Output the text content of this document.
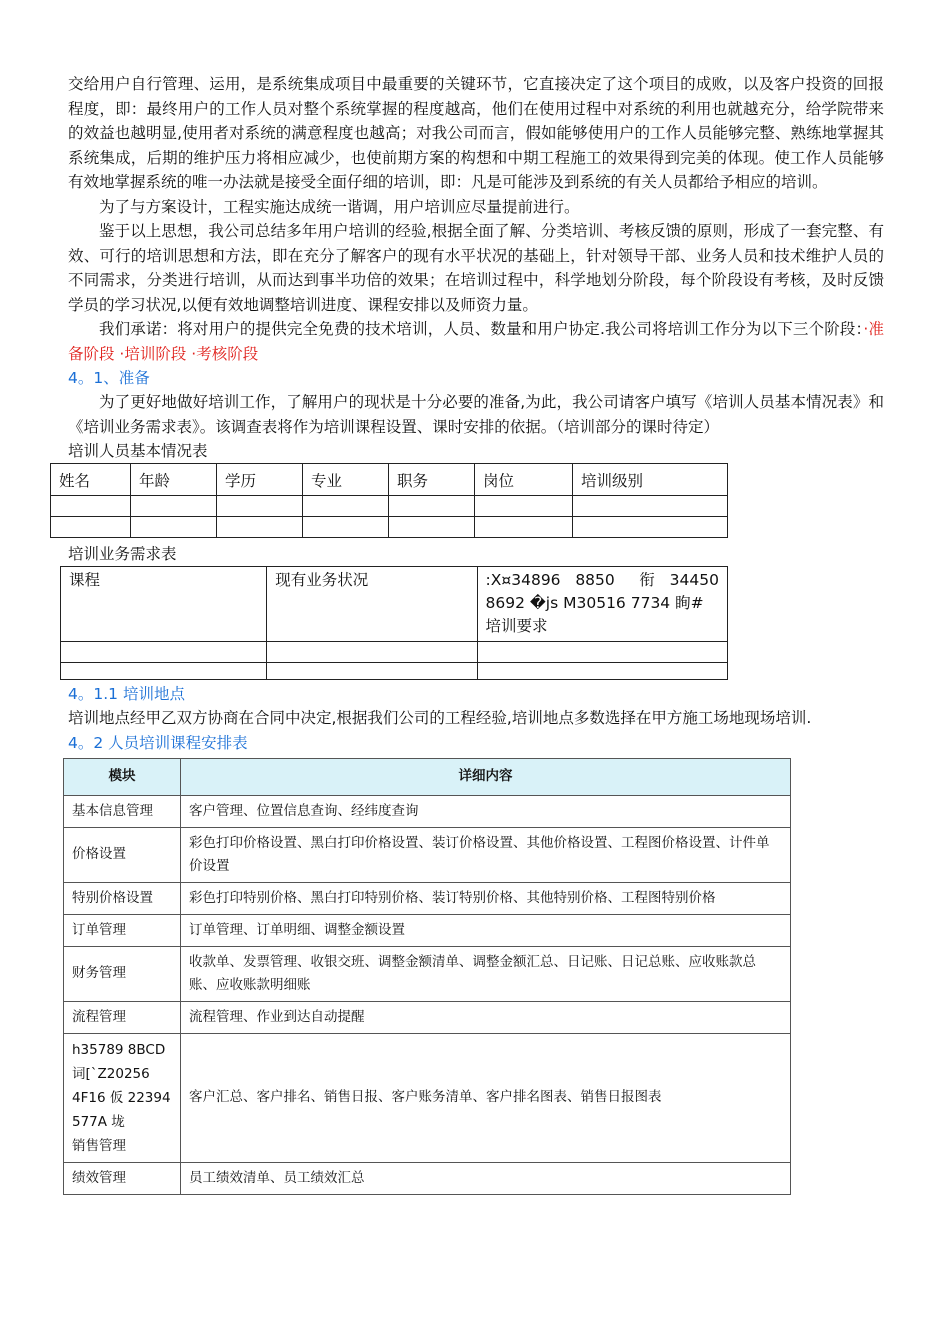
交给用户自行管理、运用，是系统集成项目中最重要的关键环节，它直接决定了这个项目的成败，以及客户投资的回报程度，即：最终用户的工作人员对整个系统掌握的程度越高，他们在使用过程中对系统的利用也就越充分，给学院带来的效益也越明显,使用者对系统的满意程度也越高；对我公司而言，假如能够使用户的工作人员能够完整、熟练地掌握其系统集成，后期的维护压力将相应减少，也使前期方案的构想和中期工程施工的效果得到完美的体现。使工作人员能够有效地掌握系统的唯一办法就是接受全面仔细的培训，即：凡是可能涉及到系统的有关人员都给予相应的培训。

为了与方案设计，工程实施达成统一谐调，用户培训应尽量提前进行。

鉴于以上思想，我公司总结多年用户培训的经验,根据全面了解、分类培训、考核反馈的原则，形成了一套完整、有效、可行的培训思想和方法，即在充分了解客户的现有水平状况的基础上，针对领导干部、业务人员和技术维护人员的不同需求，分类进行培训，从而达到事半功倍的效果；在培训过程中，科学地划分阶段，每个阶段设有考核，及时反馈学员的学习状况,以便有效地调整培训进度、课程安排以及师资力量。

我们承诺：将对用户的提供完全免费的技术培训，人员、数量和用户协定.我公司将培训工作分为以下三个阶段：·准备阶段 ·培训阶段 ·考核阶段

4。1、准备

为了更好地做好培训工作，了解用户的现状是十分必要的准备,为此，我公司请客户填写《培训人员基本情况表》和《培训业务需求表》。该调查表将作为培训课程设置、课时安排的依据。（培训部分的课时待定）

培训人员基本情况表
姓名	年龄	学历	专业	职务	岗位	培训级别

培训业务需求表
课程	现有业务状况	:X¤34896   8850     衔   34450
8692 �js M30516 7734 眴#
培训要求

4。1.1 培训地点

培训地点经甲乙双方协商在合同中决定,根据我们公司的工程经验,培训地点多数选择在甲方施工场地现场培训.

4。2 人员培训课程安排表
模块	详细内容
基本信息管理	客户管理、位置信息查询、经纬度查询
价格设置	彩色打印价格设置、黑白打印价格设置、装订价格设置、其他价格设置、工程图价格设置、计件单价设置
特别价格设置	彩色打印特别价格、黑白打印特别价格、装订特别价格、其他特别价格、工程图特别价格
订单管理	订单管理、订单明细、调整金额设置
财务管理	收款单、发票管理、收银交班、调整金额清单、调整金额汇总、日记账、日记总账、应收账款总账、应收账款明细账
流程管理	流程管理、作业到达自动提醒
h35789 8BCD
词[`Z20256
4F16 仮 22394
577A 垅
销售管理	客户汇总、客户排名、销售日报、客户账务清单、客户排名图表、销售日报图表
绩效管理	员工绩效清单、员工绩效汇总
